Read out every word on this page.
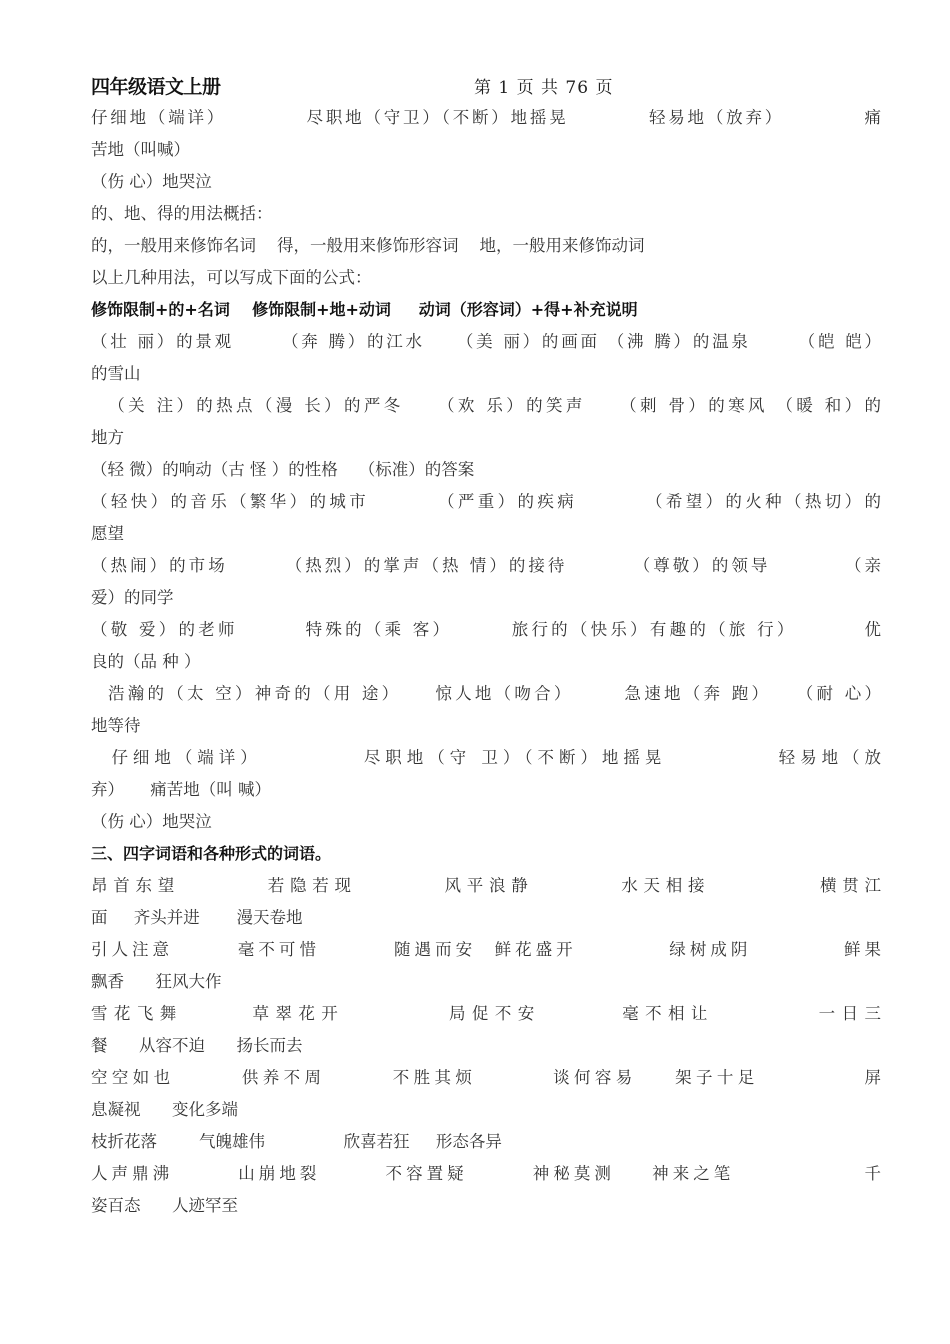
四年级语文上册	第 1 页 共 76 页

仔细地（端详）          尽职地（守卫）（不断）地摇晃          轻易地（放弃）          痛

苦地（叫喊）

（伤 心）地哭泣

的、地、得的用法概括：

的，一般用来修饰名词    得，一般用来修饰形容词    地，一般用来修饰动词

以上几种用法，可以写成下面的公式：

修饰限制+的+名词    修饰限制+地+动词     动词（形容词）+得+补充说明

（壮 丽）的景观      （奔 腾）的江水    （美 丽）的画面 （沸 腾）的温泉      （皑 皑）

的雪山

（关 注）的热点（漫 长）的严冬    （欢 乐）的笑声    （刺 骨）的寒风 （暖 和）的

地方

（轻 微）的响动（古 怪 ）的性格    （标准）的答案

（轻快）的音乐（繁华）的城市        （严重）的疾病        （希望）的火种（热切）的

愿望

（热闹）的市场       （热烈）的掌声（热 情）的接待        （尊敬）的领导         （亲

爱）的同学

（敬 爱）的老师        特殊的（乘 客）       旅行的（快乐）有趣的（旅 行）        优

良的（品 种 ）

浩瀚的（太 空）神奇的（用 途）    惊人地（吻合）      急速地（奔 跑）   （耐 心）

地等待

仔细地（端详）          尽职地（守 卫）（不断）地摇晃           轻易地（放

弃）     痛苦地（叫 喊）

（伤 心）地哭泣

三、四字词语和各种形式的词语。

昂首东望        若隐若现        风平浪静        水天相接          横贯江

面     齐头并进       漫天卷地

引人注意       毫不可惜        随遇而安  鲜花盛开          绿树成阴          鲜果

飘香      狂风大作

雪花飞舞      草翠花开         局促不安       毫不相让         一日三

餐      从容不迫      扬长而去

空空如也       供养不周       不胜其烦        谈何容易    架子十足           屏

息凝视      变化多端

枝折花落        气魄雄伟               欣喜若狂     形态各异

人声鼎沸       山崩地裂       不容置疑       神秘莫测    神来之笔              千

姿百态      人迹罕至
